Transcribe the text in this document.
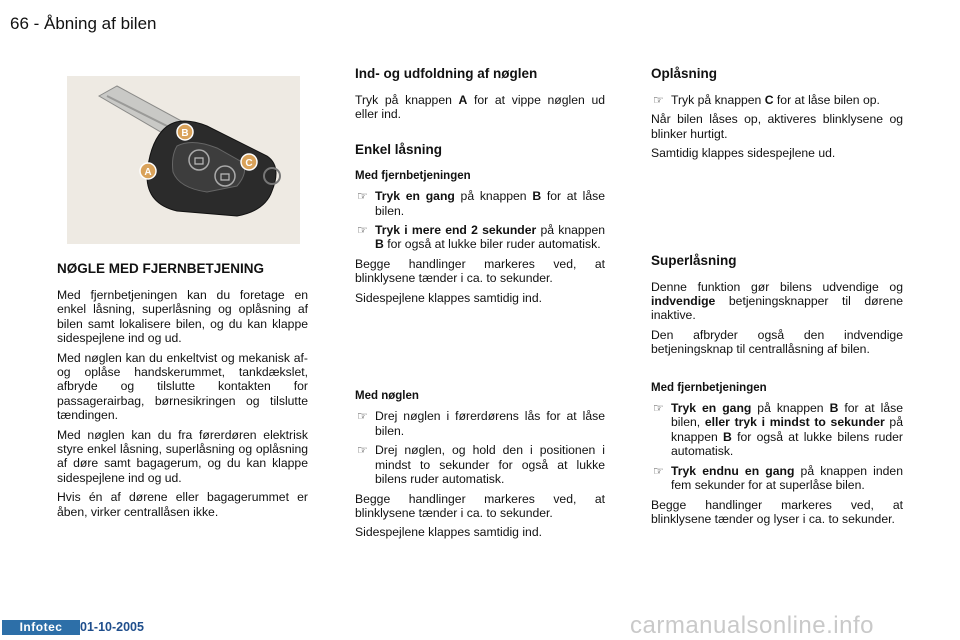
66 - Åbning af bilen
A
B
C
NØGLE MED FJERNBETJENING

Med fjernbetjeningen kan du foretage en enkel låsning, superlåsning og oplåsning af bilen samt lokalisere bilen, og du kan klappe sidespejlene ind og ud.

Med nøglen kan du enkeltvist og mekanisk af- og oplåse handskerummet, tankdækslet, afbryde og tilslutte kontakten for passagerairbag, børnesikringen og tilslutte tændingen.

Med nøglen kan du fra førerdøren elektrisk styre enkel låsning, superlåsning og oplåsning af døre samt bagagerum, og du kan klappe sidespejlene ind og ud.

Hvis én af dørene eller bagagerummet er åben, virker centrallåsen ikke.

Ind- og udfoldning af nøglen

Tryk på knappen A for at vippe nøglen ud eller ind.

Enkel låsning
Med fjernbetjeningen
☞ Tryk en gang på knappen B for at låse bilen.
☞ Tryk i mere end 2 sekunder på knappen B for også at lukke biler ruder automatisk.

Begge handlinger markeres ved, at blinklysene tænder i ca. to sekunder.

Sidespejlene klappes samtidig ind.

Med nøglen
☞ Drej nøglen i førerdørens lås for at låse bilen.
☞ Drej nøglen, og hold den i positionen i mindst to sekunder for også at lukke bilens ruder automatisk.

Begge handlinger markeres ved, at blinklysene tænder i ca. to sekunder.

Sidespejlene klappes samtidig ind.

Oplåsning
☞ Tryk på knappen C for at låse bilen op.

Når bilen låses op, aktiveres blinklysene og blinker hurtigt.

Samtidig klappes sidespejlene ud.

Superlåsning

Denne funktion gør bilens udvendige og indvendige betjeningsknapper til dørene inaktive.

Den afbryder også den indvendige betjeningsknap til centrallåsning af bilen.

Med fjernbetjeningen
☞ Tryk en gang på knappen B for at låse bilen, eller tryk i mindst to sekunder på knappen B for også at lukke bilens ruder automatisk.
☞ Tryk endnu en gang på knappen inden fem sekunder for at superlåse bilen.

Begge handlinger markeres ved, at blinklysene tænder og lyser i ca. to sekunder.

Infotec	01-10-2005	carmanualsonline.info
